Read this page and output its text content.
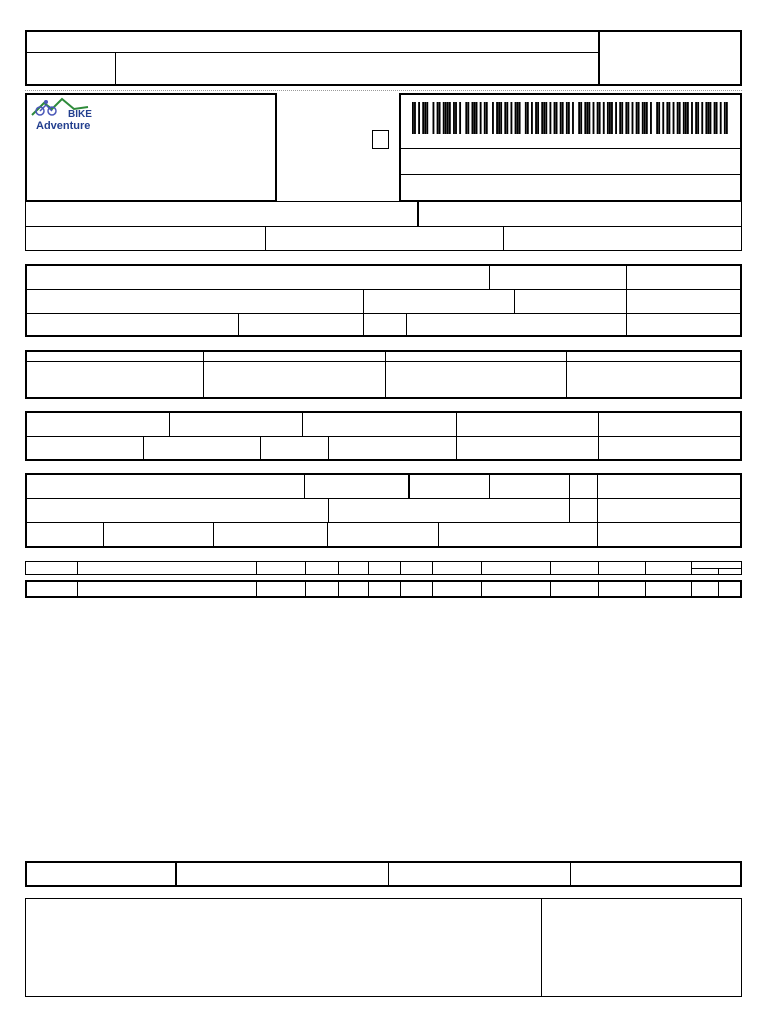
BIKE
Adventure
